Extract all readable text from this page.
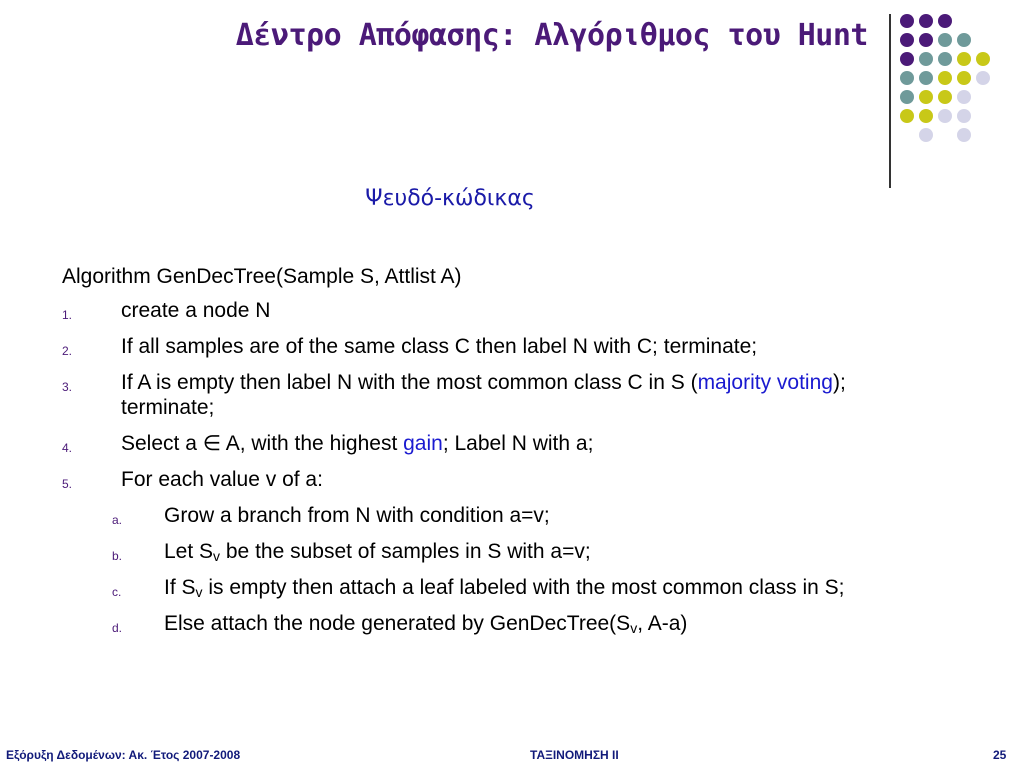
Δέντρο Απόφασης: Αλγόριθμος του Hunt
Ψευδό-κώδικας
Algorithm GenDecTree(Sample S, Attlist A)
1. create a node N
2. If all samples are of the same class C then label N with C; terminate;
3. If A is empty then label N with the most common class C in S (majority voting); terminate;
4. Select a ∈ A, with the highest gain; Label N with a;
5. For each value v of a:
a. Grow a branch from N with condition a=v;
b. Let $S_v$ be the subset of samples in S with a=v;
c. If $S_v$ is empty then attach a leaf labeled with the most common class in S;
d. Else attach the node generated by $GenDecTree(S_v$, A-a)
Εξόρυξη Δεδομένων: Ακ. Έτος 2007-2008	ΤΑΞΙΝΟΜΗΣΗ ΙΙ	25
